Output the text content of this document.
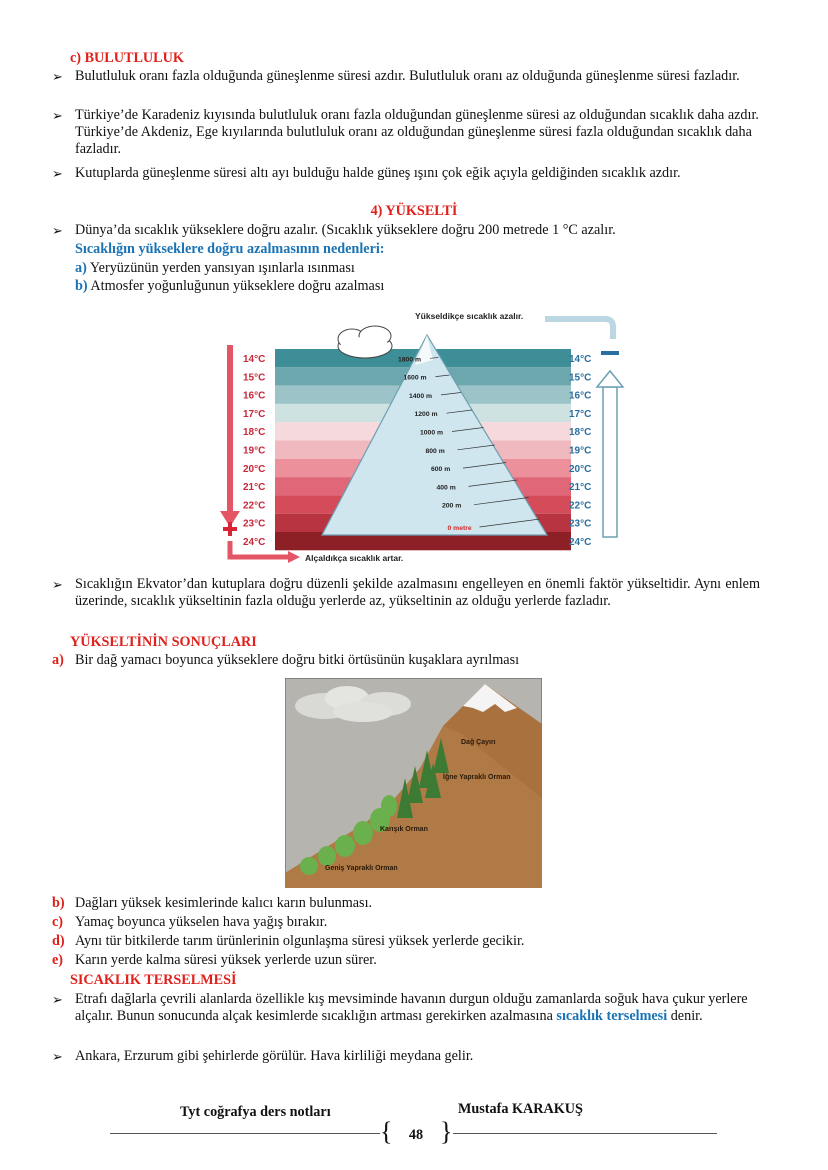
c) BULUTLULUK
➢ Bulutluluk oranı fazla olduğunda güneşlenme süresi azdır. Bulutluluk oranı az olduğunda güneşlenme süresi fazladır.
➢ Türkiye’de Karadeniz kıyısında bulutluluk oranı fazla olduğundan güneşlenme süresi az olduğundan sıcaklık daha azdır. Türkiye’de Akdeniz, Ege kıyılarında bulutluluk oranı az olduğundan güneşlenme süresi fazla olduğundan sıcaklık daha fazladır.
➢ Kutuplarda güneşlenme süresi altı ayı bulduğu halde güneş ışını çok eğik açıyla geldiğinden sıcaklık azdır.
4) YÜKSELTİ
➢ Dünya’da sıcaklık yükseklere doğru azalır. (Sıcaklık yükseklere doğru 200 metrede 1 °C azalır.
Sıcaklığın yükseklere doğru azalmasının nedenleri:
a) Yeryüzünün yerden yansıyan ışınlarla ısınması
b) Atmosfer yoğunluğunun yükseklere doğru azalması
1800 m
1600 m
1400 m
1200 m
1000 m
800 m
600 m
400 m
200 m
0 metre
Alçaldıkça sıcaklık artar.
Yükseldikçe sıcaklık azalır.
14°C
15°C
16°C
17°C
18°C
19°C
20°C
21°C
22°C
23°C
24°C
14°C
15°C
16°C
17°C
18°C
19°C
20°C
21°C
22°C
23°C
24°C
➢ Sıcaklığın Ekvator’dan kutuplara doğru düzenli şekilde azalmasını engelleyen en önemli faktör yükseltidir. Aynı enlem üzerinde, sıcaklık yükseltinin fazla olduğu yerlerde az, yükseltinin az olduğu yerlerde fazladır.
YÜKSELTİNİN SONUÇLARI
a) Bir dağ yamacı boyunca yükseklere doğru bitki örtüsünün kuşaklara ayrılması
Dağ Çayırı
İğne Yapraklı Orman
Karışık Orman
Geniş Yapraklı Orman
b) Dağları yüksek kesimlerinde kalıcı karın bulunması.
c) Yamaç boyunca yükselen hava yağış bırakır.
d) Aynı tür bitkilerde tarım ürünlerinin olgunlaşma süresi yüksek yerlerde gecikir.
e) Karın yerde kalma süresi yüksek yerlerde uzun sürer.
SICAKLIK TERSELMESİ
➢ Etrafı dağlarla çevrili alanlarda özellikle kış mevsiminde havanın durgun olduğu zamanlarda soğuk hava çukur yerlere alçalır. Bunun sonucunda alçak kesimlerde sıcaklığın artması gerekirken azalmasına sıcaklık terselmesi denir.
➢ Ankara, Erzurum gibi şehirlerde görülür. Hava kirliliği meydana gelir.
Tyt coğrafya ders notları	Mustafa KARAKUŞ
{ }
48
